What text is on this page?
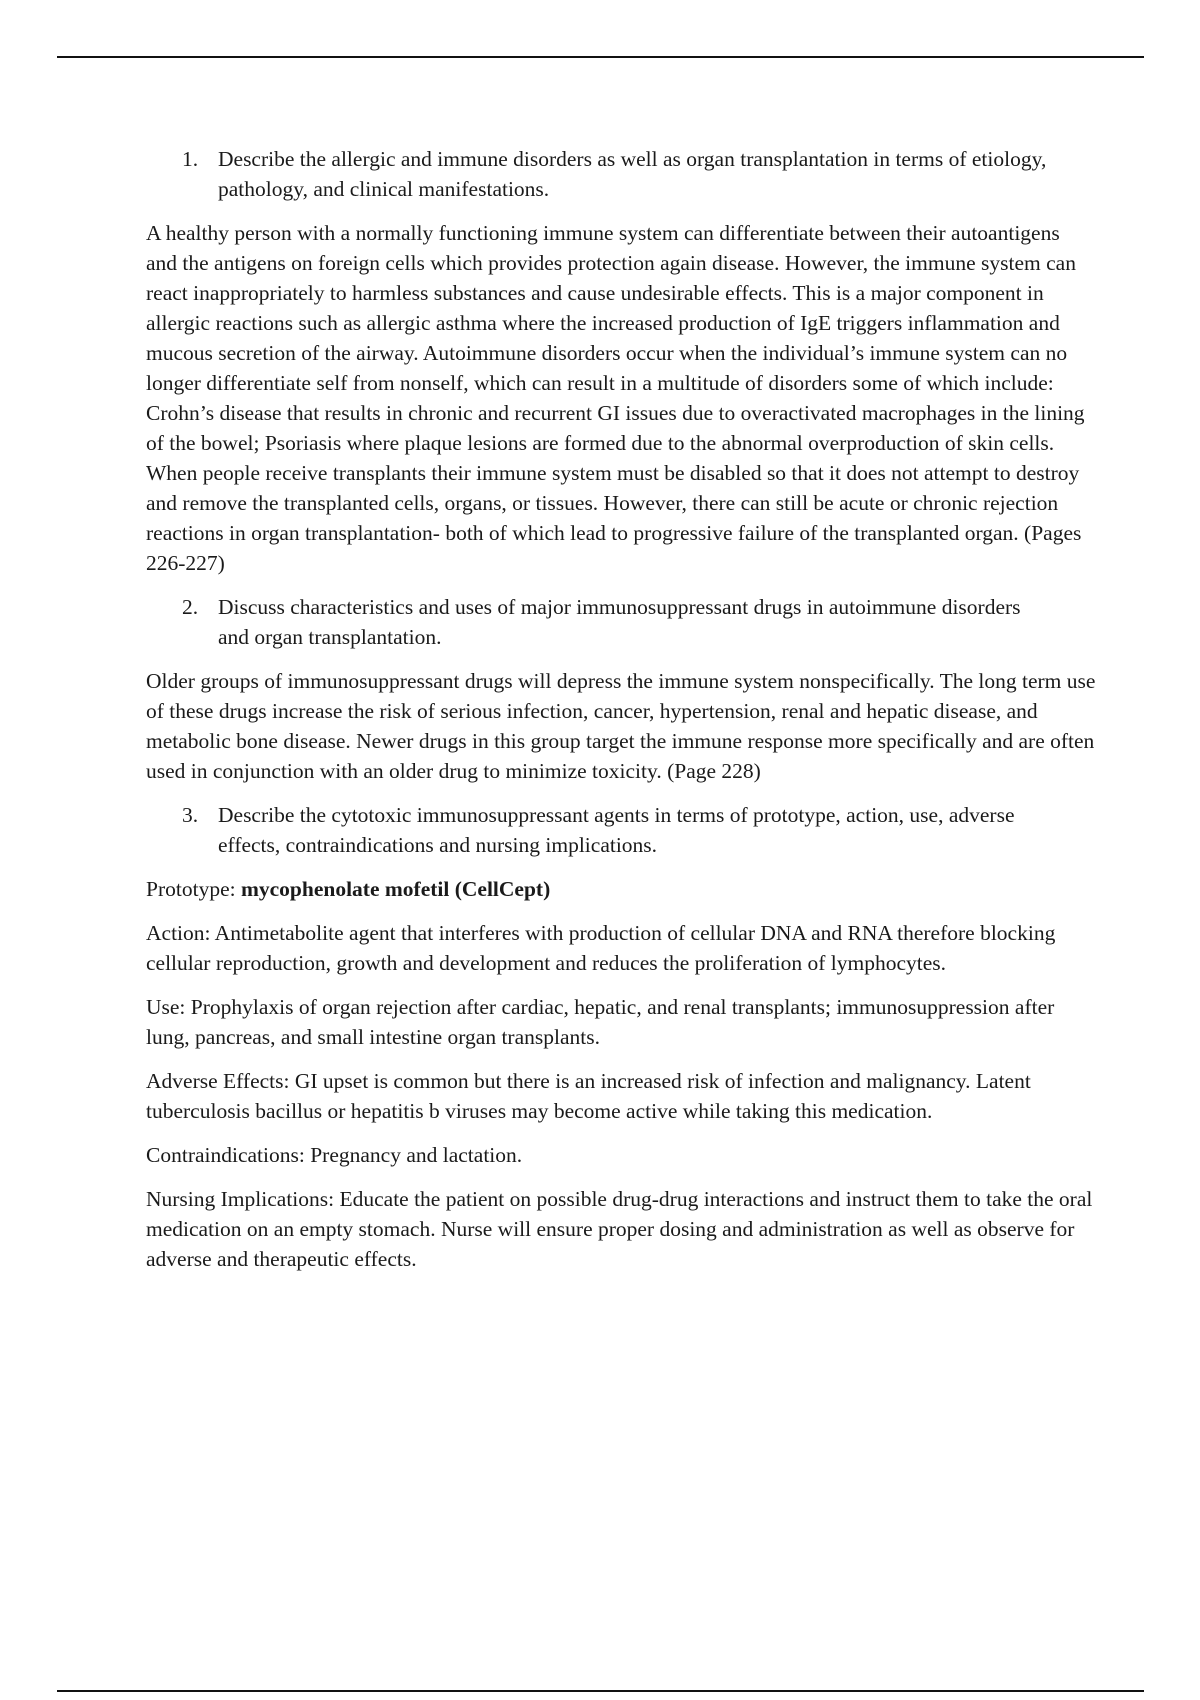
1. Describe the allergic and immune disorders as well as organ transplantation in terms of etiology, pathology, and clinical manifestations.

A healthy person with a normally functioning immune system can differentiate between their autoantigens and the antigens on foreign cells which provides protection again disease. However, the immune system can react inappropriately to harmless substances and cause undesirable effects. This is a major component in allergic reactions such as allergic asthma where the increased production of IgE triggers inflammation and mucous secretion of the airway. Autoimmune disorders occur when the individual’s immune system can no longer differentiate self from nonself, which can result in a multitude of disorders some of which include: Crohn’s disease that results in chronic and recurrent GI issues due to overactivated macrophages in the lining of the bowel; Psoriasis where plaque lesions are formed due to the abnormal overproduction of skin cells. When people receive transplants their immune system must be disabled so that it does not attempt to destroy and remove the transplanted cells, organs, or tissues. However, there can still be acute or chronic rejection reactions in organ transplantation- both of which lead to progressive failure of the transplanted organ. (Pages 226-227)

2. Discuss characteristics and uses of major immunosuppressant drugs in autoimmune disorders and organ transplantation.

Older groups of immunosuppressant drugs will depress the immune system nonspecifically. The long term use of these drugs increase the risk of serious infection, cancer, hypertension, renal and hepatic disease, and metabolic bone disease. Newer drugs in this group target the immune response more specifically and are often used in conjunction with an older drug to minimize toxicity. (Page 228)

3. Describe the cytotoxic immunosuppressant agents in terms of prototype, action, use, adverse effects, contraindications and nursing implications.

Prototype: mycophenolate mofetil (CellCept)

Action: Antimetabolite agent that interferes with production of cellular DNA and RNA therefore blocking cellular reproduction, growth and development and reduces the proliferation of lymphocytes.

Use: Prophylaxis of organ rejection after cardiac, hepatic, and renal transplants; immunosuppression after lung, pancreas, and small intestine organ transplants.

Adverse Effects: GI upset is common but there is an increased risk of infection and malignancy. Latent tuberculosis bacillus or hepatitis b viruses may become active while taking this medication.

Contraindications: Pregnancy and lactation.

Nursing Implications: Educate the patient on possible drug-drug interactions and instruct them to take the oral medication on an empty stomach. Nurse will ensure proper dosing and administration as well as observe for adverse and therapeutic effects.
